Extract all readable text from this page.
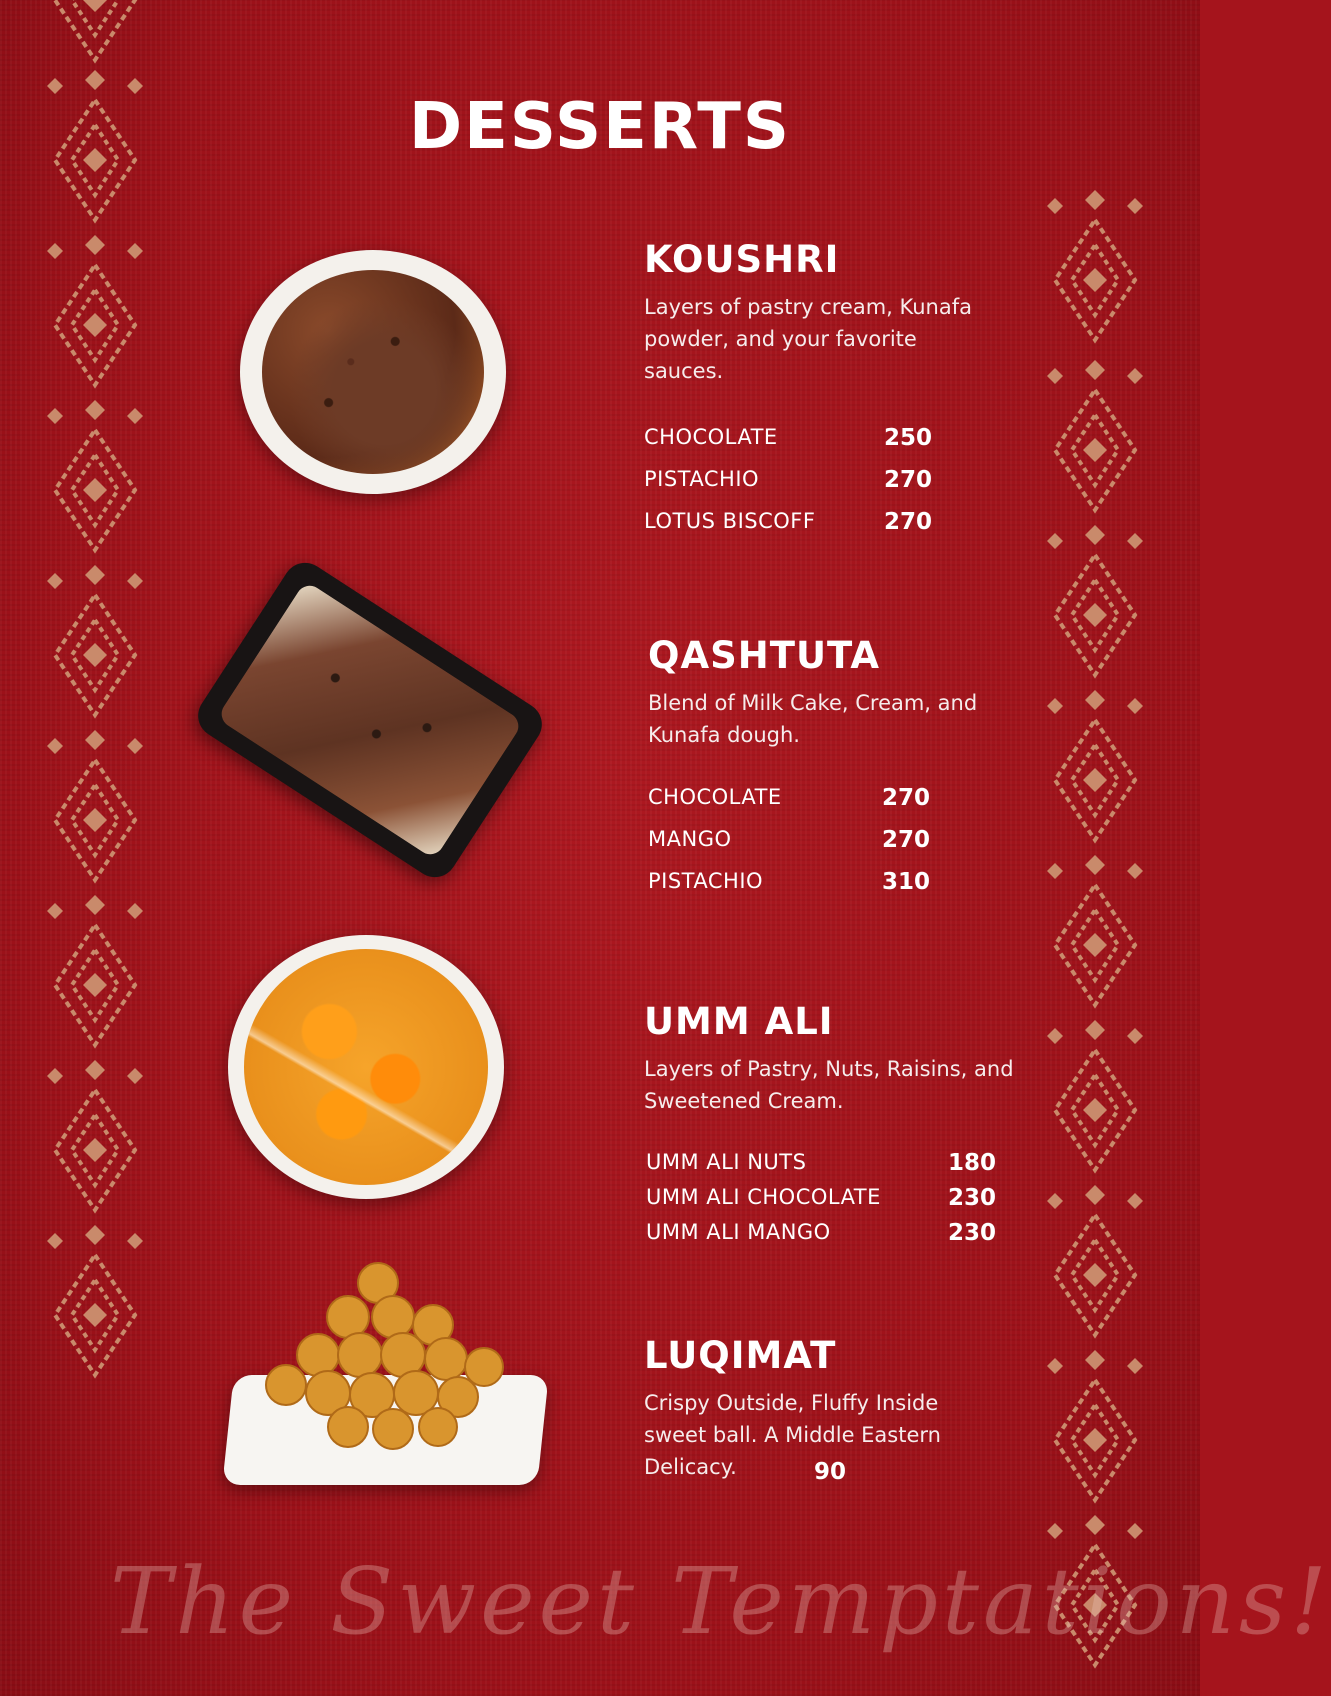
DESSERTS
KOUSHRI
Layers of pastry cream, Kunafa powder, and your favorite sauces.
CHOCOLATE	250
PISTACHIO	270
LOTUS BISCOFF	270
QASHTUTA
Blend of Milk Cake, Cream, and Kunafa dough.
CHOCOLATE	270
MANGO	270
PISTACHIO	310
UMM ALI
Layers of Pastry, Nuts, Raisins, and Sweetened Cream.
UMM ALI NUTS	180
UMM ALI CHOCOLATE	230
UMM ALI MANGO	230
LUQIMAT
Crispy Outside, Fluffy Inside sweet ball. A Middle Eastern Delicacy.	90
The Sweet Temptations!
